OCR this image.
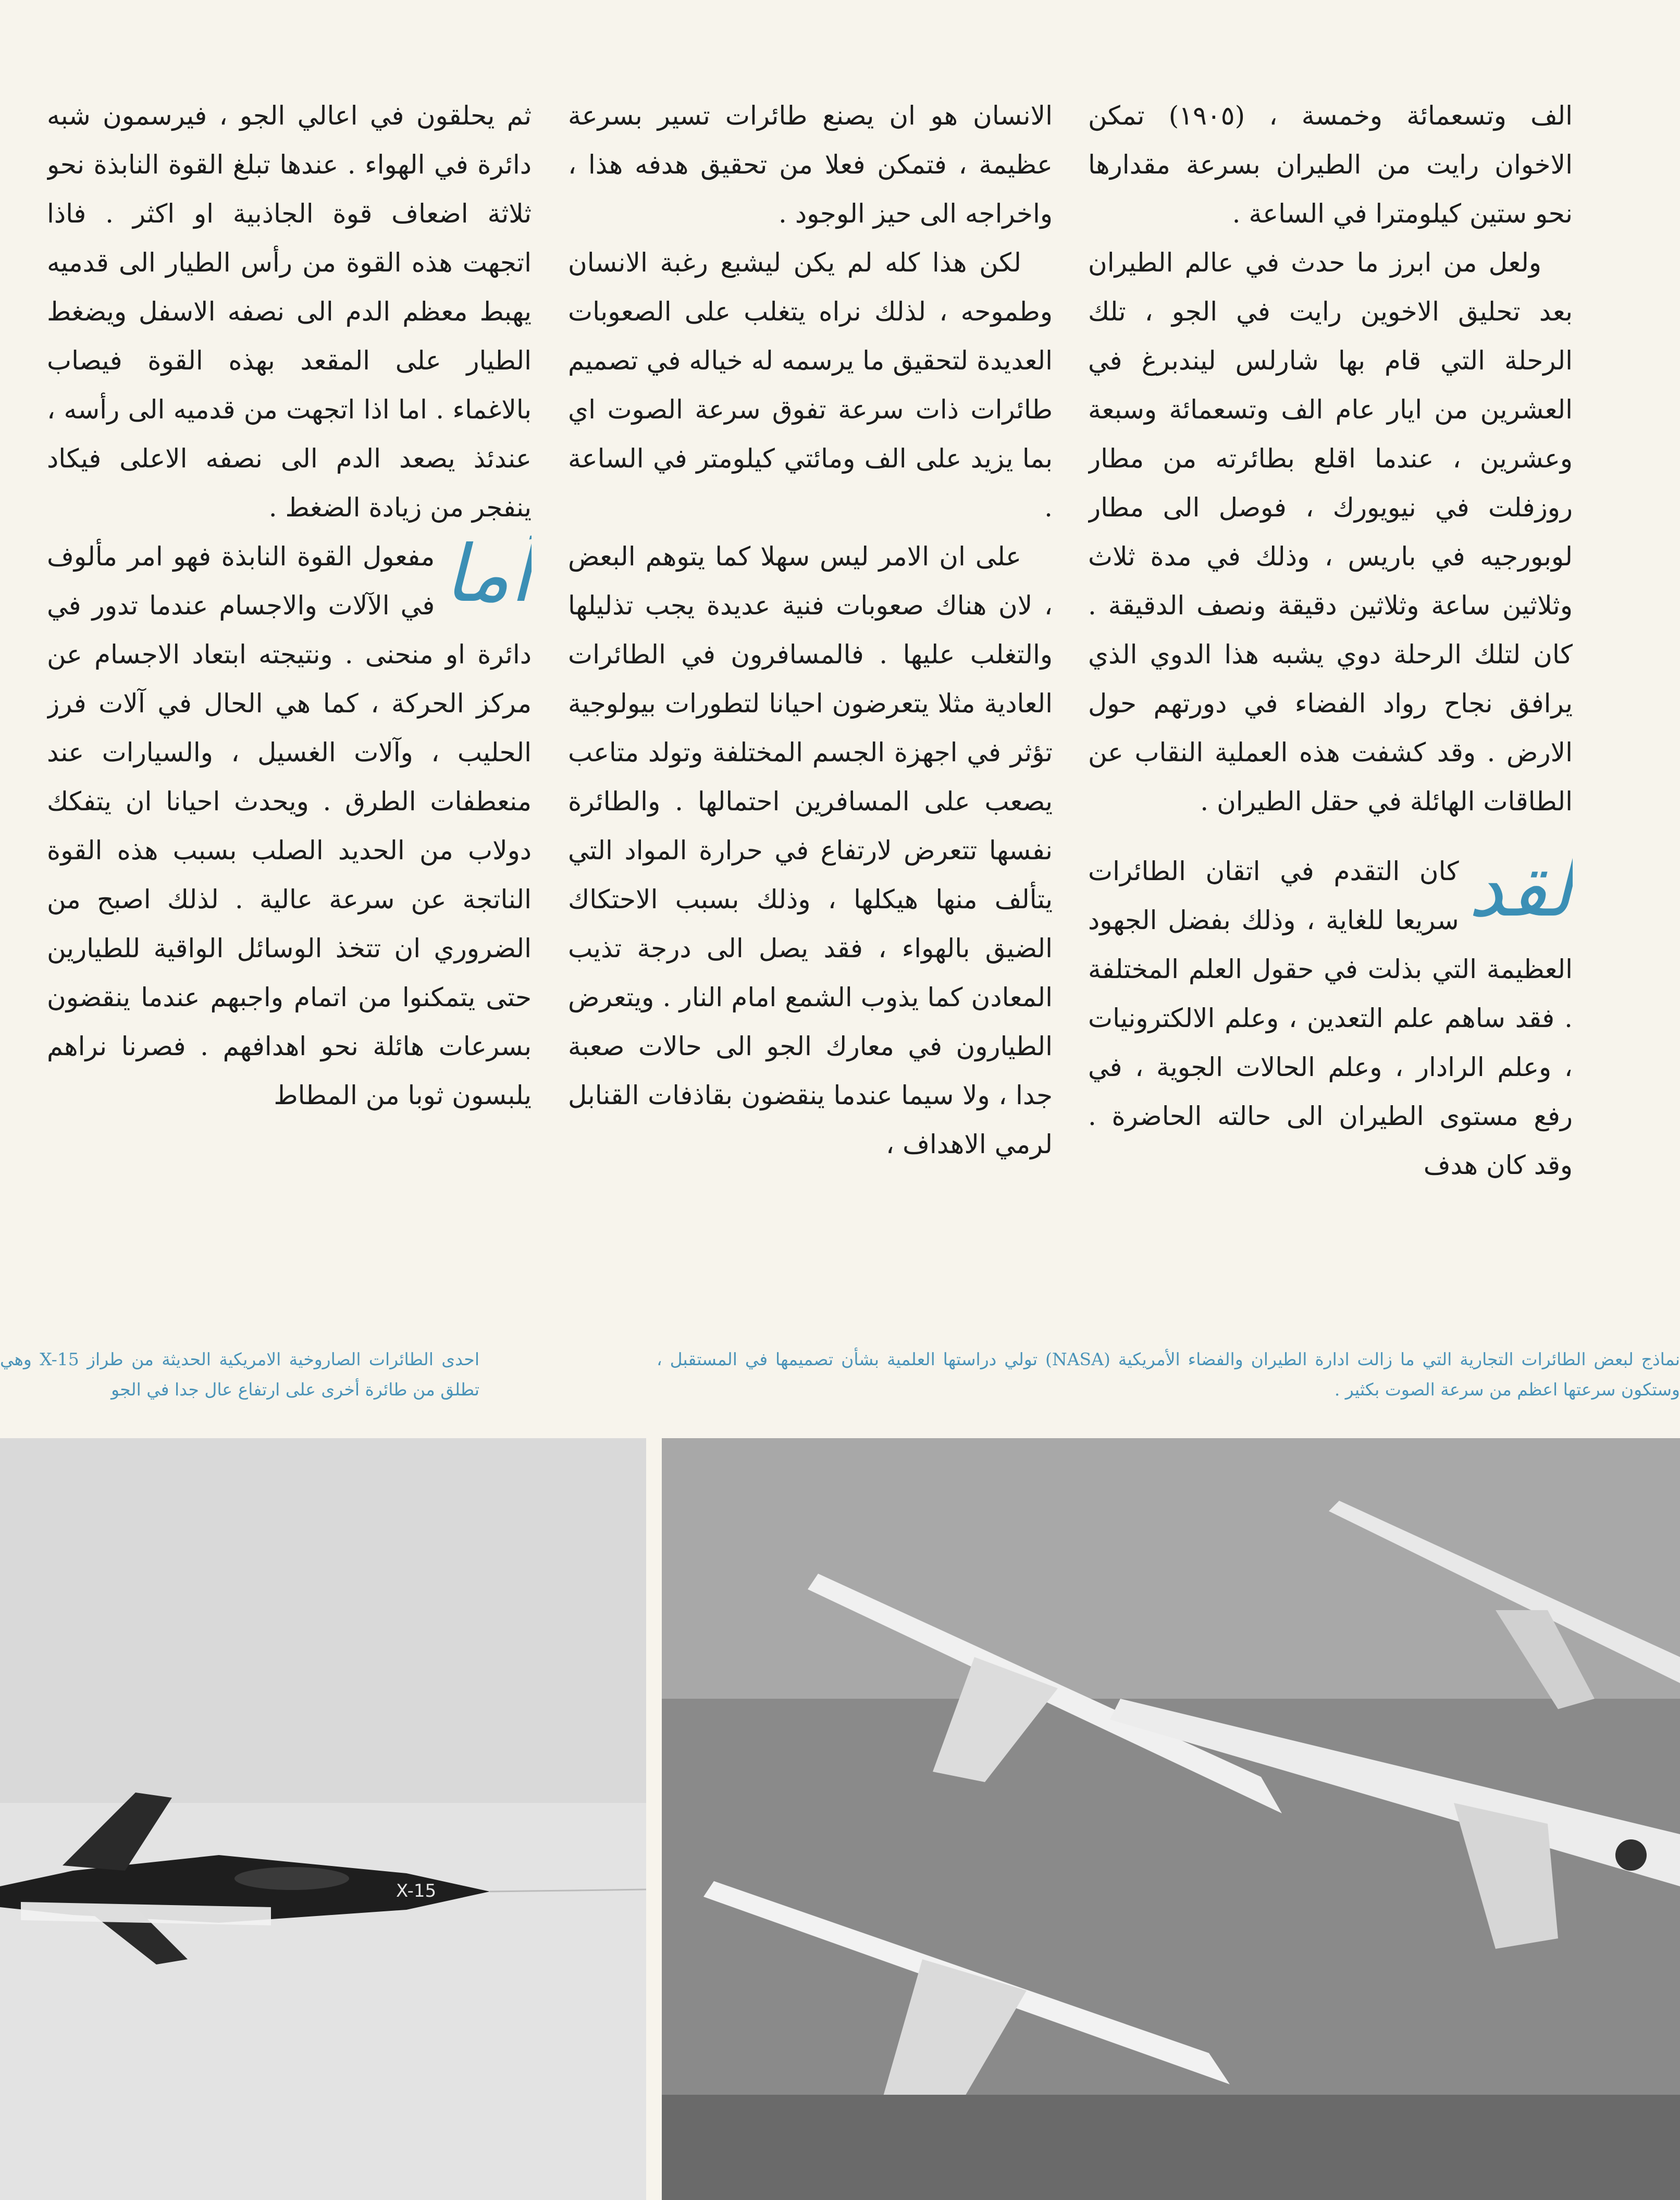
الف وتسعمائة وخمسة ، (١٩٠٥) تمكن الاخوان رايت من الطيران بسرعة مقدارها نحو ستين كيلومترا في الساعة .

ولعل من ابرز ما حدث في عالم الطيران بعد تحليق الاخوين رايت في الجو ، تلك الرحلة التي قام بها شارلس ليندبرغ في العشرين من ايار عام الف وتسعمائة وسبعة وعشرين ، عندما اقلع بطائرته من مطار روزفلت في نيويورك ، فوصل الى مطار لوبورجيه في باريس ، وذلك في مدة ثلاث وثلاثين ساعة وثلاثين دقيقة ونصف الدقيقة . كان لتلك الرحلة دوي يشبه هذا الدوي الذي يرافق نجاح رواد الفضاء في دورتهم حول الارض . وقد كشفت هذه العملية النقاب عن الطاقات الهائلة في حقل الطيران .

لقد
كان التقدم في اتقان الطائرات سريعا للغاية ، وذلك بفضل الجهود العظيمة التي بذلت في حقول العلم المختلفة . فقد ساهم علم التعدين ، وعلم الالكترونيات ، وعلم الرادار ، وعلم الحالات الجوية ، في رفع مستوى الطيران الى حالته الحاضرة . وقد كان هدف

الانسان هو ان يصنع طائرات تسير بسرعة عظيمة ، فتمكن فعلا من تحقيق هدفه هذا ، واخراجه الى حيز الوجود .

لكن هذا كله لم يكن ليشبع رغبة الانسان وطموحه ، لذلك نراه يتغلب على الصعوبات العديدة لتحقيق ما يرسمه له خياله في تصميم طائرات ذات سرعة تفوق سرعة الصوت اي بما يزيد على الف ومائتي كيلومتر في الساعة .

على ان الامر ليس سهلا كما يتوهم البعض ، لان هناك صعوبات فنية عديدة يجب تذليلها والتغلب عليها . فالمسافرون في الطائرات العادية مثلا يتعرضون احيانا لتطورات بيولوجية تؤثر في اجهزة الجسم المختلفة وتولد متاعب يصعب على المسافرين احتمالها . والطائرة نفسها تتعرض لارتفاع في حرارة المواد التي يتألف منها هيكلها ، وذلك بسبب الاحتكاك الضيق بالهواء ، فقد يصل الى درجة تذيب المعادن كما يذوب الشمع امام النار . ويتعرض الطيارون في معارك الجو الى حالات صعبة جدا ، ولا سيما عندما ينقضون بقاذفات القنابل لرمي الاهداف ،

ثم يحلقون في اعالي الجو ، فيرسمون شبه دائرة في الهواء . عندها تبلغ القوة النابذة نحو ثلاثة اضعاف قوة الجاذبية او اكثر . فاذا اتجهت هذه القوة من رأس الطيار الى قدميه يهبط معظم الدم الى نصفه الاسفل ويضغط الطيار على المقعد بهذه القوة فيصاب بالاغماء . اما اذا اتجهت من قدميه الى رأسه ، عندئذ يصعد الدم الى نصفه الاعلى فيكاد ينفجر من زيادة الضغط .

أما
مفعول القوة النابذة فهو امر مألوف في الآلات والاجسام عندما تدور في دائرة او منحنى . ونتيجته ابتعاد الاجسام عن مركز الحركة ، كما هي الحال في آلات فرز الحليب ، وآلات الغسيل ، والسيارات عند منعطفات الطرق . ويحدث احيانا ان يتفكك دولاب من الحديد الصلب بسبب هذه القوة الناتجة عن سرعة عالية . لذلك اصبح من الضروري ان تتخذ الوسائل الواقية للطيارين حتى يتمكنوا من اتمام واجبهم عندما ينقضون بسرعات هائلة نحو اهدافهم . فصرنا نراهم يلبسون ثوبا من المطاط

نماذج لبعض الطائرات التجارية التي ما زالت ادارة الطيران والفضاء الأمريكية (NASA) تولي دراستها العلمية بشأن تصميمها في المستقبل ، وستكون سرعتها اعظم من سرعة الصوت بكثير .
احدى الطائرات الصاروخية الامريكية الحديثة من طراز X-15 وهي تطلق من طائرة أخرى على ارتفاع عال جدا في الجو
X-15
